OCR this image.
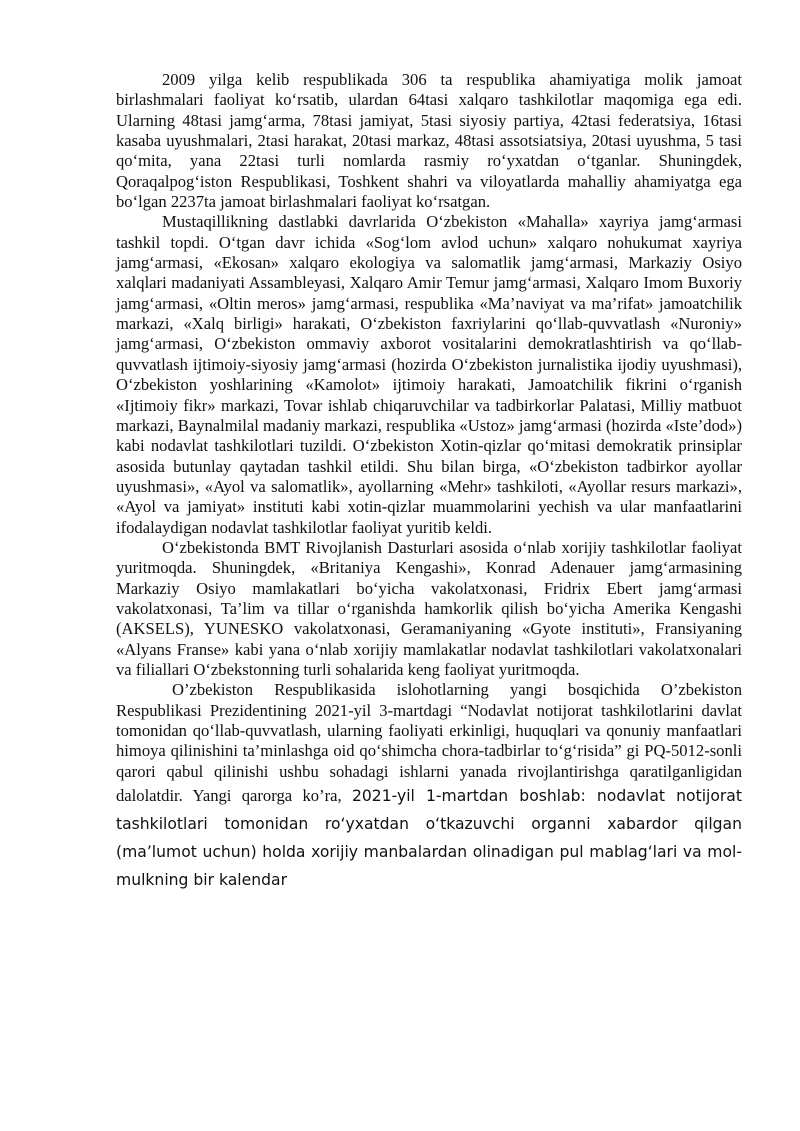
2009 yilga kelib respublikada 306 ta respublika ahamiyatiga molik jamoat birlashmalari faoliyat ko‘rsatib, ulardan 64tasi xalqaro tashkilotlar maqomiga ega edi. Ularning 48tasi jamg‘arma, 78tasi jamiyat, 5tasi siyosiy partiya, 42tasi federatsiya, 16tasi kasaba uyushmalari, 2tasi harakat, 20tasi markaz, 48tasi assotsiatsiya, 20tasi uyushma, 5 tasi qo‘mita, yana 22tasi turli nomlarda rasmiy ro‘yxatdan o‘tganlar. Shuningdek, Qoraqalpog‘iston Respublikasi, Toshkent shahri va viloyatlarda mahalliy ahamiyatga ega bo‘lgan 2237ta jamoat birlashmalari faoliyat ko‘rsatgan.

Mustaqillikning dastlabki davrlarida O‘zbekiston «Mahalla» xayriya jamg‘armasi tashkil topdi. O‘tgan davr ichida «Sog‘lom avlod uchun» xalqaro nohukumat xayriya jamg‘armasi, «Ekosan» xalqaro ekologiya va salomatlik jamg‘armasi, Markaziy Osiyo xalqlari madaniyati Assambleyasi, Xalqaro Amir Temur jamg‘armasi, Xalqaro Imom Buxoriy jamg‘armasi, «Oltin meros» jamg‘armasi, respublika «Ma’naviyat va ma’rifat» jamoatchilik markazi, «Xalq birligi» harakati, O‘zbekiston faxriylarini qo‘llab-quvvatlash «Nuroniy» jamg‘armasi, O‘zbekiston ommaviy axborot vositalarini demokratlashtirish va qo‘llab-quvvatlash ijtimoiy-siyosiy jamg‘armasi (hozirda O‘zbekiston jurnalistika ijodiy uyushmasi), O‘zbekiston yoshlarining «Kamolot» ijtimoiy harakati, Jamoatchilik fikrini o‘rganish «Ijtimoiy fikr» markazi, Tovar ishlab chiqaruvchilar va tadbirkorlar Palatasi, Milliy matbuot markazi, Baynalmilal madaniy markazi, respublika «Ustoz» jamg‘armasi (hozirda «Iste’dod») kabi nodavlat tashkilotlari tuzildi. O‘zbekiston Xotin-qizlar qo‘mitasi demokratik prinsiplar asosida butunlay qaytadan tashkil etildi. Shu bilan birga, «O‘zbekiston tadbirkor ayollar uyushmasi», «Ayol va salomatlik», ayollarning «Mehr» tashkiloti, «Ayollar resurs markazi», «Ayol va jamiyat» instituti kabi xotin-qizlar muammolarini yechish va ular manfaatlarini ifodalaydigan nodavlat tashkilotlar faoliyat yuritib keldi.

O‘zbekistonda BMT Rivojlanish Dasturlari asosida o‘nlab xorijiy tashkilotlar faoliyat yuritmoqda. Shuningdek, «Britaniya Kengashi», Konrad Adenauer jamg‘armasining Markaziy Osiyo mamlakatlari bo‘yicha vakolatxonasi, Fridrix Ebert jamg‘armasi vakolatxonasi, Ta’lim va tillar o‘rganishda hamkorlik qilish bo‘yicha Amerika Kengashi (AKSELS), YUNESKO vakolatxonasi, Geramaniyaning «Gyote instituti», Fransiyaning «Alyans Franse» kabi yana o‘nlab xorijiy mamlakatlar nodavlat tashkilotlari vakolatxonalari va filiallari O‘zbekstonning turli sohalarida keng faoliyat yuritmoqda.

O’zbekiston Respublikasida islohotlarning yangi bosqichida O’zbekiston Respublikasi Prezidentining 2021-yil 3-martdagi “Nodavlat notijorat tashkilotlarini davlat tomonidan qo‘llab-quvvatlash, ularning faoliyati erkinligi, huquqlari va qonuniy manfaatlari himoya qilinishini ta’minlashga oid qo‘shimcha chora-tadbirlar to‘g‘risida” gi PQ-5012-sonli qarori qabul qilinishi ushbu sohadagi ishlarni yanada rivojlantirishga qaratilganligidan dalolatdir. Yangi qarorga ko’ra, 2021-yil 1-martdan boshlab: nodavlat notijorat tashkilotlari tomonidan ro‘yxatdan o‘tkazuvchi organni xabardor qilgan (ma’lumot uchun) holda xorijiy manbalardan olinadigan pul mablag‘lari va mol-mulkning bir kalendar
